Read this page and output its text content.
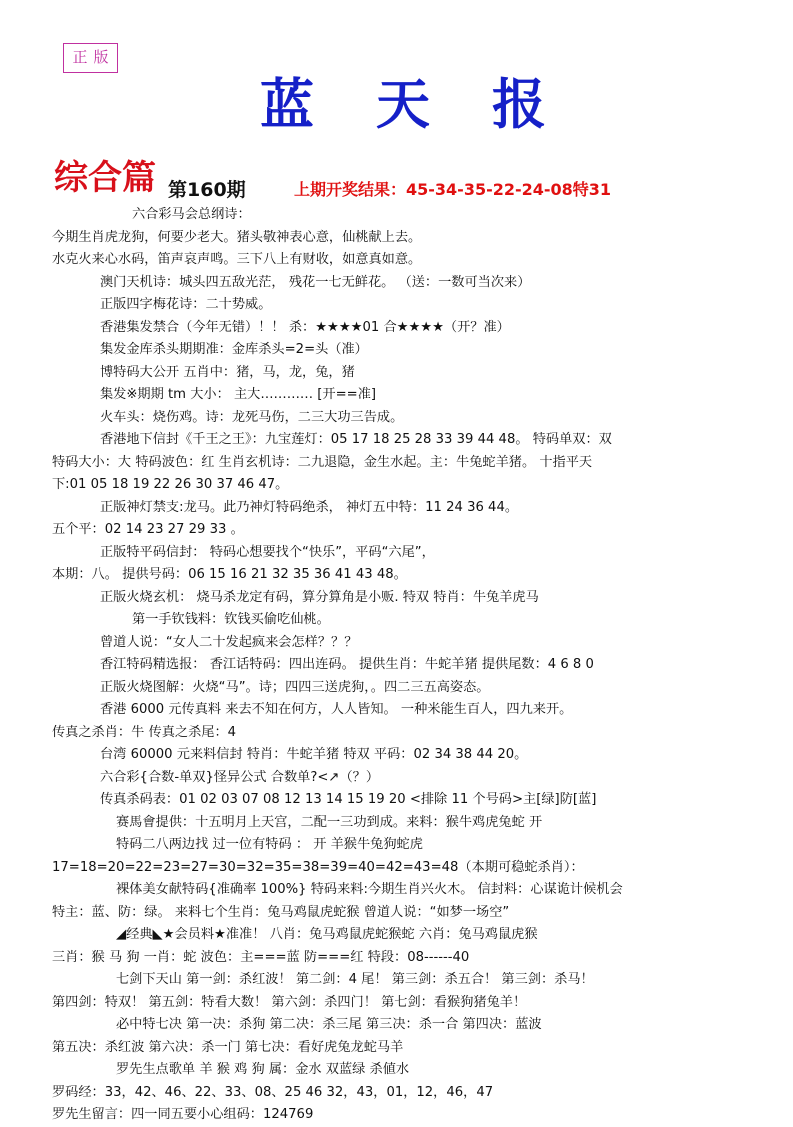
正版
蓝天报
综合篇 第160期	上期开奖结果：45-34-35-22-24-08特31
六合彩马会总纲诗：
今期生肖虎龙狗，何要少老大。猪头敬神表心意，仙桃献上去。
水克火来心水码，笛声哀声鸣。三下八上有财收，如意真如意。
澳门天机诗：城头四五敌光茫， 残花一七无鲜花。 （送：一数可当次来）
正版四字梅花诗：二十势威。
香港集发禁合（今年无错）！！ 杀：★★★★01 合★★★★（开？准）
集发金库杀头期期准：金库杀头=2=头（准）
博特码大公开 五肖中：猪，马，龙，兔，猪
集发※期期 tm 大小： 主大………… [开==准]
火车头：烧伤鸡。诗：龙死马伤，二三大功三告成。
香港地下信封《千王之王》：九宝莲灯：05 17 18 25 28 33 39 44 48。 特码单双：双
特码大小：大 特码波色：红 生肖玄机诗：二九退隐，金生水起。主：牛兔蛇羊猪。 十指平天
下:01 05 18 19 22 26 30 37 46 47。
正版神灯禁支:龙马。此乃神灯特码绝杀， 神灯五中特：11 24 36 44。
五个平：02 14 23 27 29 33 。
正版特平码信封： 特码心想要找个“快乐”，平码“六尾”，
本期：八。 提供号码：06 15 16 21 32 35 36 41 43 48。
正版火烧玄机： 烧马杀龙定有码，算分算角是小贩. 特双 特肖：牛兔羊虎马
第一手钦钱料：钦钱买偷吃仙桃。
曾道人说：“女人二十发起疯来会怎样？？？
香江特码精选报： 香江话特码：四出连码。 提供生肖：牛蛇羊猪 提供尾数：4 6 8 0
正版火烧图解：火烧“马”。诗；四四三送虎狗，。四二三五高姿态。
香港 6000 元传真料 来去不知在何方，人人皆知。 一种米能生百人，四九来开。
传真之杀肖：牛 传真之杀尾：4
台湾 60000 元来料信封 特肖：牛蛇羊猪 特双 平码：02 34 38 44 20。
六合彩{合数-单双}怪异公式 合数单?<↗（？）
传真杀码表：01 02 03 07 08 12 13 14 15 19 20 <排除 11 个号码>主[绿]防[蓝]
赛馬會提供：十五明月上天宫，二配一三功到成。来料：猴牛鸡虎兔蛇 开
特码二八两边找 过一位有特码 ： 开 羊猴牛兔狗蛇虎
17=18=20=22=23=27=30=32=35=38=39=40=42=43=48（本期可稳蛇杀肖）：
裸体美女献特码{准确率 100%} 特码来料:今期生肖兴火木。 信封料：心谋诡计候机会
特主：蓝、防：绿。 来料七个生肖：兔马鸡鼠虎蛇猴 曾道人说：“如梦一场空”
◢经典◣★会员料★准准！ 八肖：兔马鸡鼠虎蛇猴蛇 六肖：兔马鸡鼠虎猴
三肖：猴 马 狗 一肖：蛇 波色：主===蓝 防===红 特段：08------40
七剑下天山 第一剑：杀红波！ 第二剑：4 尾！ 第三剑：杀五合！ 第三剑：杀马！
第四剑：特双！ 第五剑：特看大数！ 第六剑：杀四门！ 第七剑：看猴狗猪兔羊！
必中特七决 第一决：杀狗 第二决：杀三尾 第三决：杀一合 第四决：蓝波
第五决：杀红波 第六决：杀一门 第七决：看好虎兔龙蛇马羊
罗先生点歌单 羊 猴 鸡 狗 属：金水 双蓝绿 杀値水
罗码经：33，42、46、22、33、08、25 46 32，43，01，12，46，47
罗先生留言：四一同五要小心组码：124769
